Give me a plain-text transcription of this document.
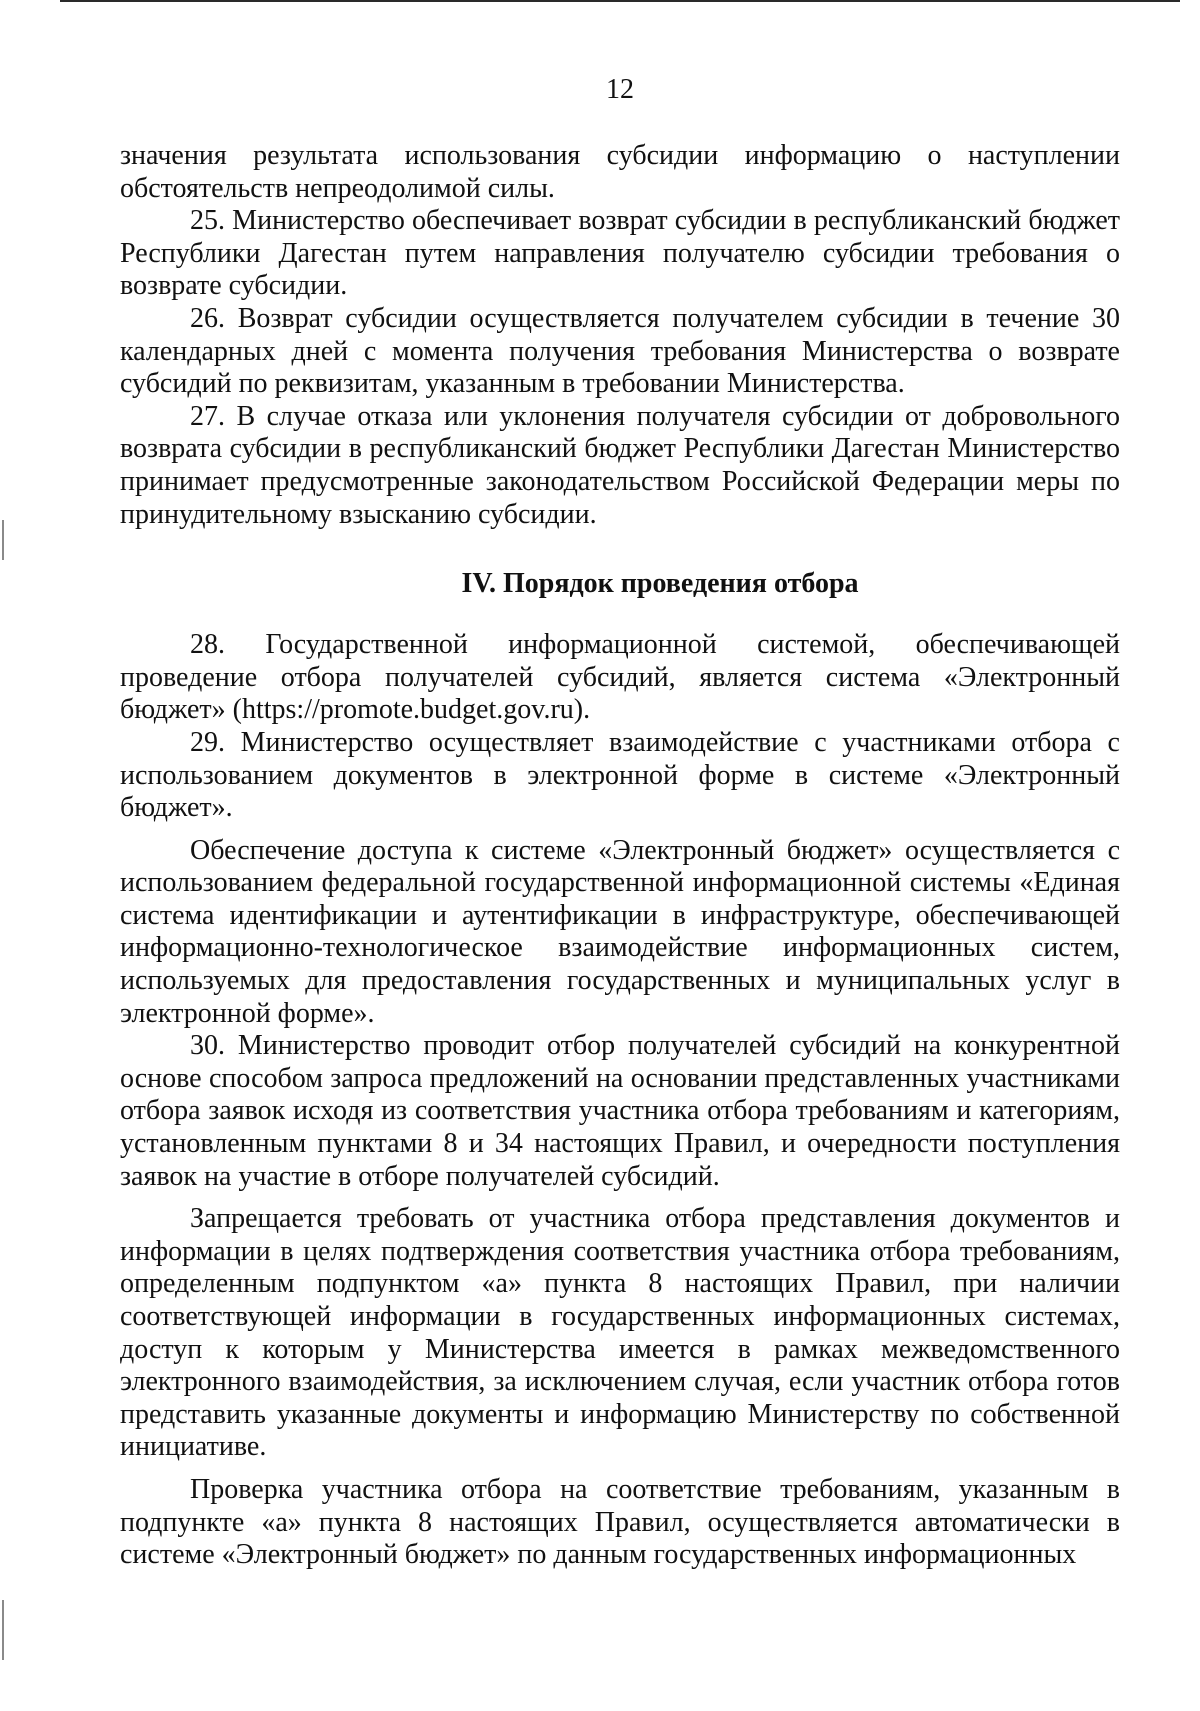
12

значения результата использования субсидии информацию о наступлении обстоятельств непреодолимой силы.

25. Министерство обеспечивает возврат субсидии в республиканский бюджет Республики Дагестан путем направления получателю субсидии требования о возврате субсидии.

26. Возврат субсидии осуществляется получателем субсидии в течение 30 календарных дней с момента получения требования Министерства о возврате субсидий по реквизитам, указанным в требовании Министерства.

27. В случае отказа или уклонения получателя субсидии от добровольного возврата субсидии в республиканский бюджет Республики Дагестан Министерство принимает предусмотренные законодательством Российской Федерации меры по принудительному взысканию субсидии.

IV. Порядок проведения отбора

28. Государственной информационной системой, обеспечивающей проведение отбора получателей субсидий, является система «Электронный бюджет» (https://promote.budget.gov.ru).

29. Министерство осуществляет взаимодействие с участниками отбора с использованием документов в электронной форме в системе «Электронный бюджет».

Обеспечение доступа к системе «Электронный бюджет» осуществляется с использованием федеральной государственной информационной системы «Единая система идентификации и аутентификации в инфраструктуре, обеспечивающей информационно-технологическое взаимодействие информационных систем, используемых для предоставления государственных и муниципальных услуг в электронной форме».

30. Министерство проводит отбор получателей субсидий на конкурентной основе способом запроса предложений на основании представленных участниками отбора заявок исходя из соответствия участника отбора требованиям и категориям, установленным пунктами 8 и 34 настоящих Правил, и очередности поступления заявок на участие в отборе получателей субсидий.

Запрещается требовать от участника отбора представления документов и информации в целях подтверждения соответствия участника отбора требованиям, определенным подпунктом «а» пункта 8 настоящих Правил, при наличии соответствующей информации в государственных информационных системах, доступ к которым у Министерства имеется в рамках межведомственного электронного взаимодействия, за исключением случая, если участник отбора готов представить указанные документы и информацию Министерству по собственной инициативе.

Проверка участника отбора на соответствие требованиям, указанным в подпункте «а» пункта 8 настоящих Правил, осуществляется автоматически в системе «Электронный бюджет» по данным государственных информационных
